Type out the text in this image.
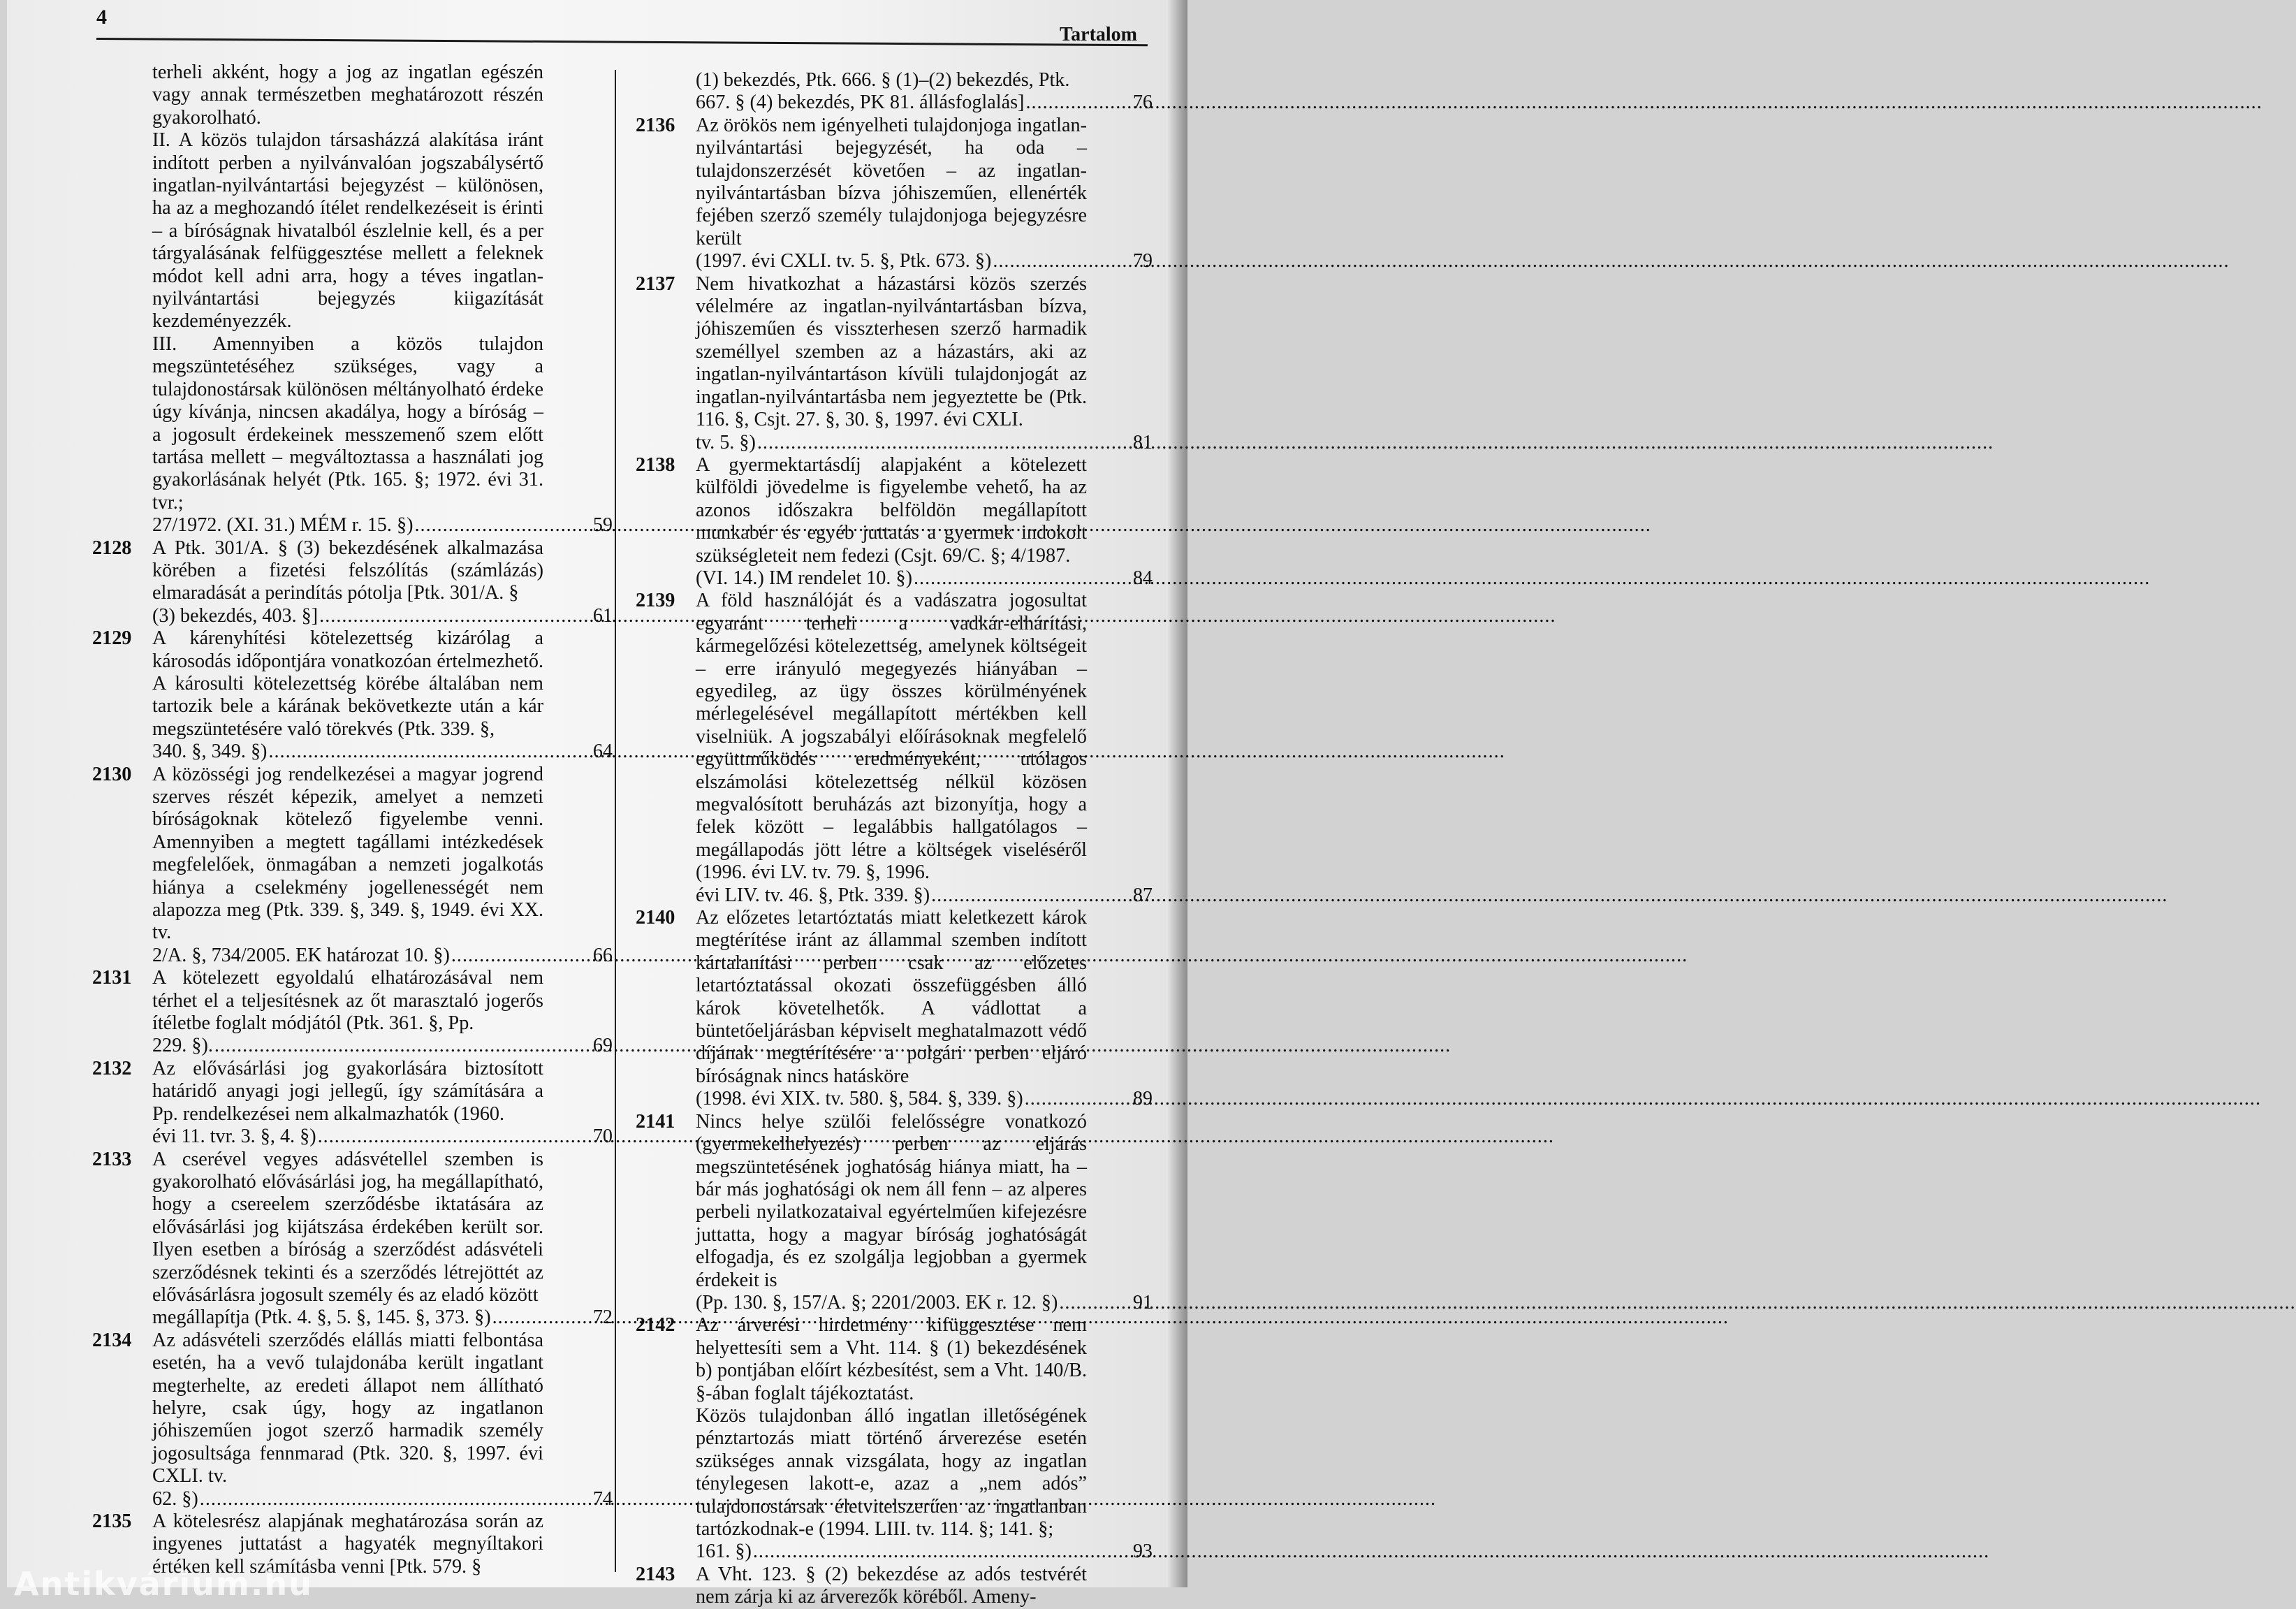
4
Tartalom

terheli akként, hogy a jog az ingatlan egészén vagy annak természetben meghatározott részén gyakorolható.

II. A közös tulajdon társasházzá alakítása iránt indított perben a nyilvánvalóan jogszabálysértő ingatlan-nyilvántartási bejegyzést – különösen, ha az a meghozandó ítélet rendelkezéseit is érinti – a bíróságnak hivatalból észlelnie kell, és a per tárgyalásának felfüggesztése mellett a feleknek módot kell adni arra, hogy a téves ingatlan-nyilvántartási bejegyzés kiigazítását kezdeményezzék.

III. Amennyiben a közös tulajdon megszüntetéséhez szükséges, vagy a tulajdonostársak különösen méltányolható érdeke úgy kívánja, nincsen akadálya, hogy a bíróság – a jogosult érdekeinek messzemenő szem előtt tartása mellett – megváltoztassa a használati jog gyakorlásának helyét (Ptk. 165. §; 1972. évi 31. tvr.;

27/1972. (XI. 31.) MÉM r. 15. §) .....	59
2128 A Ptk. 301/A. § (3) bekezdésének alkalmazása körében a fizetési felszólítás (számlázás) elmaradását a perindítás pótolja [Ptk. 301/A. §

(3) bekezdés, 403. §] .....	61
2129 A kárenyhítési kötelezettség kizárólag a károsodás időpontjára vonatkozóan értelmezhető. A károsulti kötelezettség körébe általában nem tartozik bele a kárának bekövetkezte után a kár megszüntetésére való törekvés (Ptk. 339. §,

340. §, 349. §) .....	64
2130 A közösségi jog rendelkezései a magyar jogrend szerves részét képezik, amelyet a nemzeti bíróságoknak kötelező figyelembe venni. Amennyiben a megtett tagállami intézkedések megfelelőek, önmagában a nemzeti jogalkotás hiánya a cselekmény jogellenességét nem alapozza meg (Ptk. 339. §, 349. §, 1949. évi XX. tv.

2/A. §, 734/2005. EK határozat 10. §) .....	66
2131 A kötelezett egyoldalú elhatározásával nem térhet el a teljesítésnek az őt marasztaló jogerős ítéletbe foglalt módjától (Ptk. 361. §, Pp.

229. §). .....	69
2132 Az elővásárlási jog gyakorlására biztosított határidő anyagi jogi jellegű, így számítására a Pp. rendelkezései nem alkalmazhatók (1960.

évi 11. tvr. 3. §, 4. §) .....	70
2133 A cserével vegyes adásvétellel szemben is gyakorolható elővásárlási jog, ha megállapítható, hogy a csereelem szerződésbe iktatására az elővásárlási jog kijátszása érdekében került sor. Ilyen esetben a bíróság a szerződést adásvételi szerződésnek tekinti és a szerződés létrejöttét az elővásárlásra jogosult személy és az eladó között

megállapítja (Ptk. 4. §, 5. §, 145. §, 373. §) .....	72
2134 Az adásvételi szerződés elállás miatti felbontása esetén, ha a vevő tulajdonába került ingatlant megterhelte, az eredeti állapot nem állítható helyre, csak úgy, hogy az ingatlanon jóhiszeműen jogot szerző harmadik személy jogosultsága fennmarad (Ptk. 320. §, 1997. évi CXLI. tv.

62. §) .....	74
2135 A kötelesrész alapjának meghatározása során az ingyenes juttatást a hagyaték megnyíltakori értéken kell számításba venni [Ptk. 579. §

(1) bekezdés, Ptk. 666. § (1)–(2) bekezdés, Ptk.

667. § (4) bekezdés, PK 81. állásfoglalás] .....	76
2136 Az örökös nem igényelheti tulajdonjoga ingatlan-nyilvántartási bejegyzését, ha oda – tulajdonszerzését követően – az ingatlan-nyilvántartásban bízva jóhiszeműen, ellenérték fejében szerző személy tulajdonjoga bejegyzésre került

(1997. évi CXLI. tv. 5. §, Ptk. 673. §) .....	79
2137 Nem hivatkozhat a házastársi közös szerzés vélelmére az ingatlan-nyilvántartásban bízva, jóhiszeműen és visszterhesen szerző harmadik személlyel szemben az a házastárs, aki az ingatlan-nyilvántartáson kívüli tulajdonjogát az ingatlan-nyilvántartásba nem jegyeztette be (Ptk. 116. §, Csjt. 27. §, 30. §, 1997. évi CXLI.

tv. 5. §) .....	81
2138 A gyermektartásdíj alapjaként a kötelezett külföldi jövedelme is figyelembe vehető, ha az azonos időszakra belföldön megállapított munkabér és egyéb juttatás a gyermek indokolt szükségleteit nem fedezi (Csjt. 69/C. §; 4/1987.

(VI. 14.) IM rendelet 10. §) .....	84
2139 A föld használóját és a vadászatra jogosultat egyaránt terheli a vadkár-elhárítási, kármegelőzési kötelezettség, amelynek költségeit – erre irányuló megegyezés hiányában – egyedileg, az ügy összes körülményének mérlegelésével megállapított mértékben kell viselniük. A jogszabályi előírásoknak megfelelő együttműködés eredményeként, utólagos elszámolási kötelezettség nélkül közösen megvalósított beruházás azt bizonyítja, hogy a felek között – legalábbis hallgatólagos – megállapodás jött létre a költségek viseléséről (1996. évi LV. tv. 79. §, 1996.

évi LIV. tv. 46. §, Ptk. 339. §) .....	87
2140 Az előzetes letartóztatás miatt keletkezett károk megtérítése iránt az állammal szemben indított kártalanítási perben csak az előzetes letartóztatással okozati összefüggésben álló károk követelhetők. A vádlottat a büntetőeljárásban képviselt meghatalmazott védő díjának megtérítésére a polgári perben eljáró bíróságnak nincs hatásköre

(1998. évi XIX. tv. 580. §, 584. §, 339. §) .....	89
2141 Nincs helye szülői felelősségre vonatkozó (gyermekelhelyezés) perben az eljárás megszüntetésének joghatóság hiánya miatt, ha – bár más joghatósági ok nem áll fenn – az alperes perbeli nyilatkozataival egyértelműen kifejezésre juttatta, hogy a magyar bíróság joghatóságát elfogadja, és ez szolgálja legjobban a gyermek érdekeit is

(Pp. 130. §, 157/A. §; 2201/2003. EK r. 12. §) .....	91
2142 Az árverési hirdetmény kifüggesztése nem helyettesíti sem a Vht. 114. § (1) bekezdésének b) pontjában előírt kézbesítést, sem a Vht. 140/B. §-ában foglalt tájékoztatást.

Közös tulajdonban álló ingatlan illetőségének pénztartozás miatt történő árverezése esetén szükséges annak vizsgálata, hogy az ingatlan ténylegesen lakott-e, azaz a „nem adós” tulajdonostársak életvitelszerűen az ingatlanban tartózkodnak-e (1994. LIII. tv. 114. §; 141. §;

161. §) .....	93
2143 A Vht. 123. § (2) bekezdése az adós testvérét nem zárja ki az árverezők köréből. Ameny-

Antikvárium.hu
